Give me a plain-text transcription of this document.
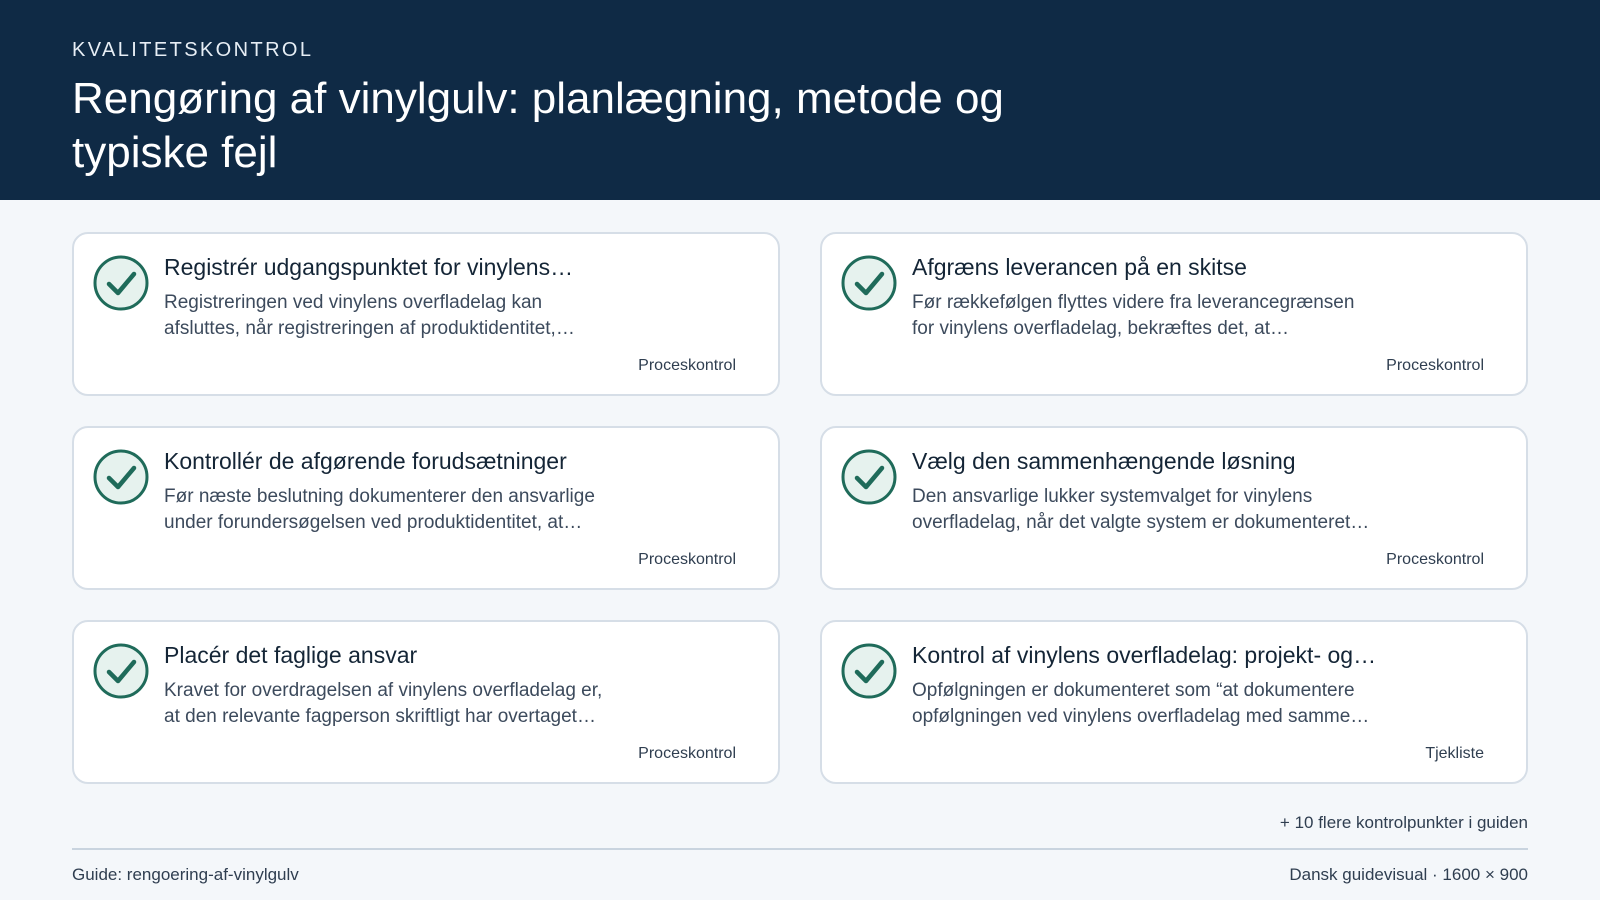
KVALITETSKONTROL
Rengøring af vinylgulv: planlægning, metode og typiske fejl
Registrér udgangspunktet for vinylens…
Registreringen ved vinylens overfladelag kan
afsluttes, når registreringen af produktidentitet,…
Proceskontrol
Afgræns leverancen på en skitse
Før rækkefølgen flyttes videre fra leverancegrænsen
for vinylens overfladelag, bekræftes det, at…
Proceskontrol
Kontrollér de afgørende forudsætninger
Før næste beslutning dokumenterer den ansvarlige
under forundersøgelsen ved produktidentitet, at…
Proceskontrol
Vælg den sammenhængende løsning
Den ansvarlige lukker systemvalget for vinylens
overfladelag, når det valgte system er dokumenteret…
Proceskontrol
Placér det faglige ansvar
Kravet for overdragelsen af vinylens overfladelag er,
at den relevante fagperson skriftligt har overtaget…
Proceskontrol
Kontrol af vinylens overfladelag: projekt- og…
Opfølgningen er dokumenteret som “at dokumentere
opfølgningen ved vinylens overfladelag med samme…
Tjekliste
+ 10 flere kontrolpunkter i guiden
Guide: rengoering-af-vinylgulv	Dansk guidevisual · 1600 × 900
